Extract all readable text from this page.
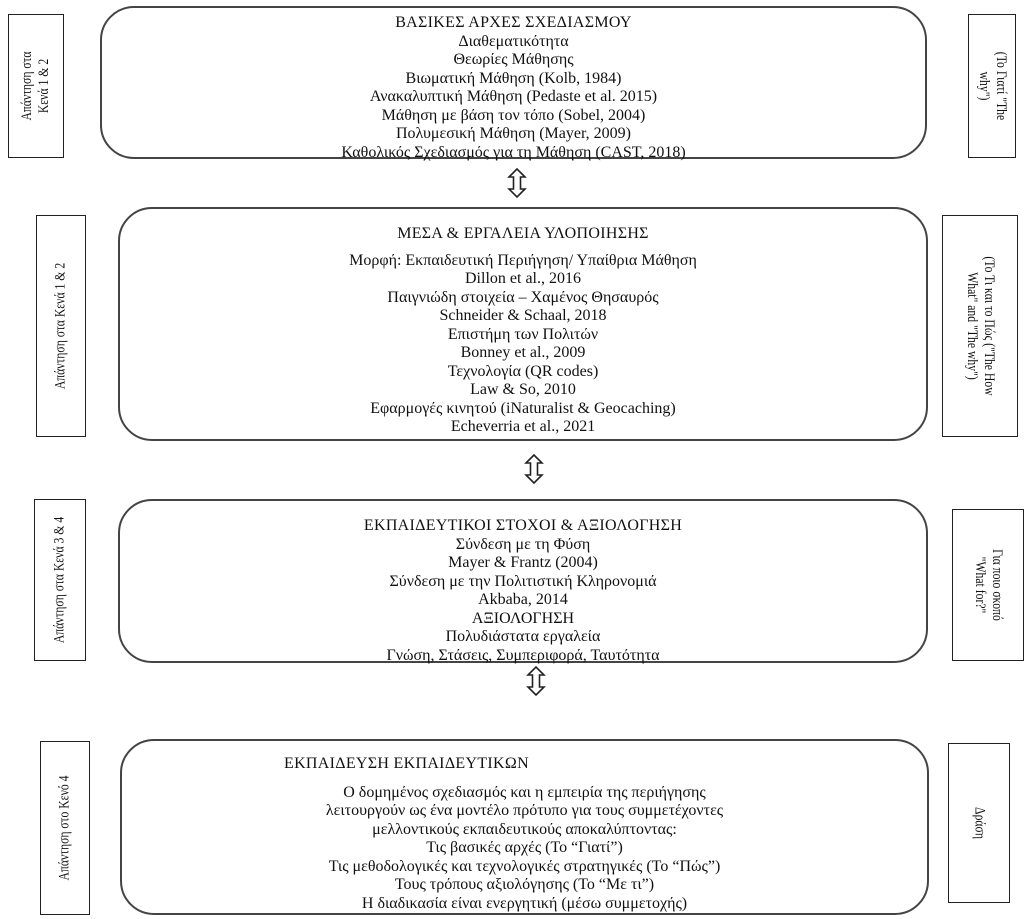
Απάντηση στα Κενά 1 & 2
ΒΑΣΙΚΕΣ ΑΡΧΕΣ ΣΧΕΔΙΑΣΜΟΥ
Διαθεματικότητα
Θεωρίες Μάθησης
Βιωματική Μάθηση (Kolb, 1984)
Ανακαλυπτική Μάθηση (Pedaste et al. 2015)
Μάθηση με βάση τον τόπο (Sobel, 2004)
Πολυμεσική Μάθηση (Mayer, 2009)
Καθολικός Σχεδιασμός για τη Μάθηση (CAST, 2018)
(Το Γιατί "The
why")
Απάντηση στα Κενά 1 & 2
ΜΕΣΑ & ΕΡΓΑΛΕΙΑ ΥΛΟΠΟΙΗΣΗΣ
Μορφή: Εκπαιδευτική Περιήγηση/ Υπαίθρια Μάθηση
Dillon et al., 2016
Παιγνιώδη στοιχεία – Χαμένος Θησαυρός
Schneider & Schaal, 2018
Επιστήμη των Πολιτών
Bonney et al., 2009
Τεχνολογία (QR codes)
Law & So, 2010
Εφαρμογές κινητού (iNaturalist & Geocaching)
Echeverria et al., 2021
(Το Τι και το Πώς ("The How
What" and "The why")
Απάντηση στα Κενά 3 & 4	ΕΚΠΑΙΔΕΥΤΙΚΟΙ ΣΤΟΧΟΙ & ΑΞΙΟΛΟΓΗΣΗ
Σύνδεση με τη Φύση
Mayer & Frantz (2004)
Σύνδεση με την Πολιτιστική Κληρονομιά
Akbaba, 2014
ΑΞΙΟΛΟΓΗΣΗ
Πολυδιάστατα εργαλεία
Γνώση, Στάσεις, Συμπεριφορά, Ταυτότητα
Για ποιο σκοπό
"What for?"
Απάντηση στο Κενό 4
ΕΚΠΑΙΔΕΥΣΗ ΕΚΠΑΙΔΕΥΤΙΚΩΝ
Ο δομημένος σχεδιασμός και η εμπειρία της περιήγησης
λειτουργούν ως ένα μοντέλο πρότυπο για τους συμμετέχοντες
μελλοντικούς εκπαιδευτικούς αποκαλύπτοντας:
Τις βασικές αρχές (Το “Γιατί”)
Τις μεθοδολογικές και τεχνολογικές στρατηγικές (Το “Πώς”)
Τους τρόπους αξιολόγησης (Το “Με τι”)
Η διαδικασία είναι ενεργητική (μέσω συμμετοχής)
Δράση
